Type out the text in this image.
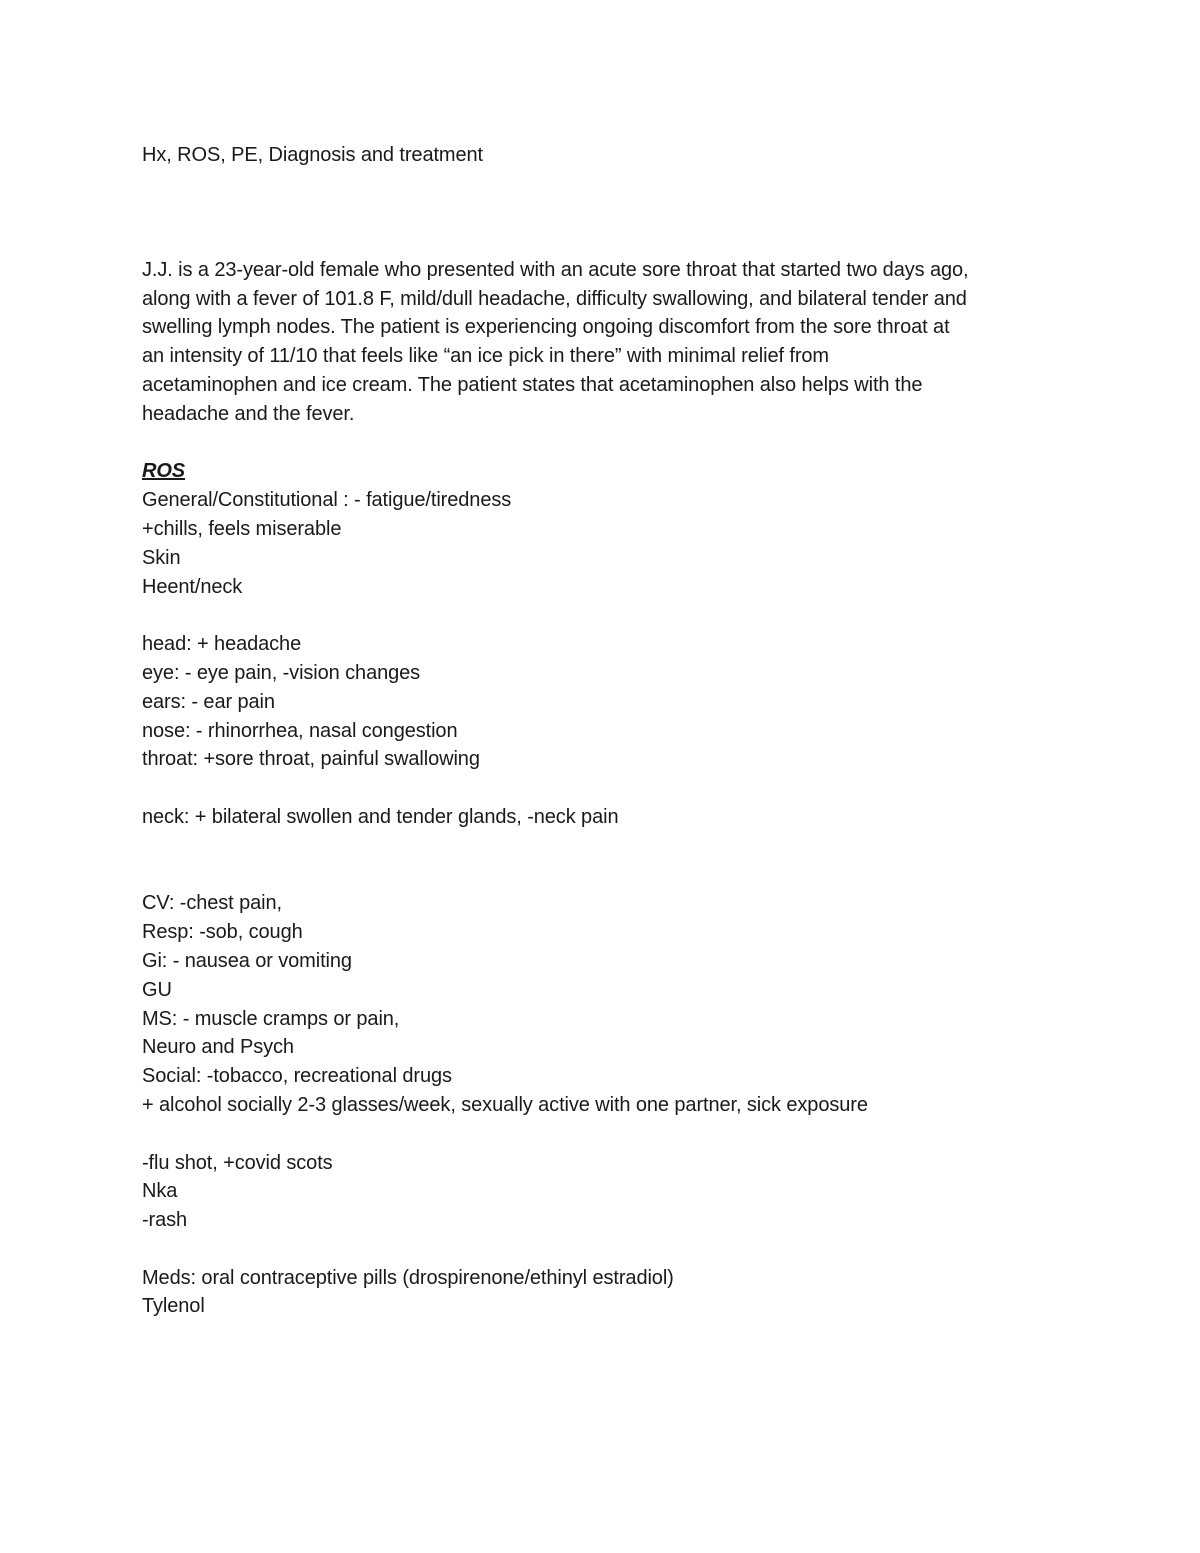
Hx, ROS, PE, Diagnosis and treatment
J.J. is a 23-year-old female who presented with an acute sore throat that started two days ago,
along with a fever of 101.8 F, mild/dull headache, difficulty swallowing, and bilateral tender and
swelling lymph nodes. The patient is experiencing ongoing discomfort from the sore throat at
an intensity of 11/10 that feels like “an ice pick in there” with minimal relief from
acetaminophen and ice cream. The patient states that acetaminophen also helps with the
headache and the fever.
ROS
General/Constitutional : - fatigue/tiredness
+chills, feels miserable
Skin
Heent/neck
head: + headache
eye: - eye pain, -vision changes
ears: - ear pain
nose: - rhinorrhea, nasal congestion
throat: +sore throat, painful swallowing
neck: + bilateral swollen and tender glands, -neck pain
CV: -chest pain,
Resp: -sob, cough
Gi: - nausea or vomiting
GU
MS: - muscle cramps or pain,
Neuro and Psych
Social: -tobacco, recreational drugs
+ alcohol socially 2-3 glasses/week, sexually active with one partner, sick exposure
-flu shot, +covid scots
Nka
-rash
Meds: oral contraceptive pills (drospirenone/ethinyl estradiol)
Tylenol
